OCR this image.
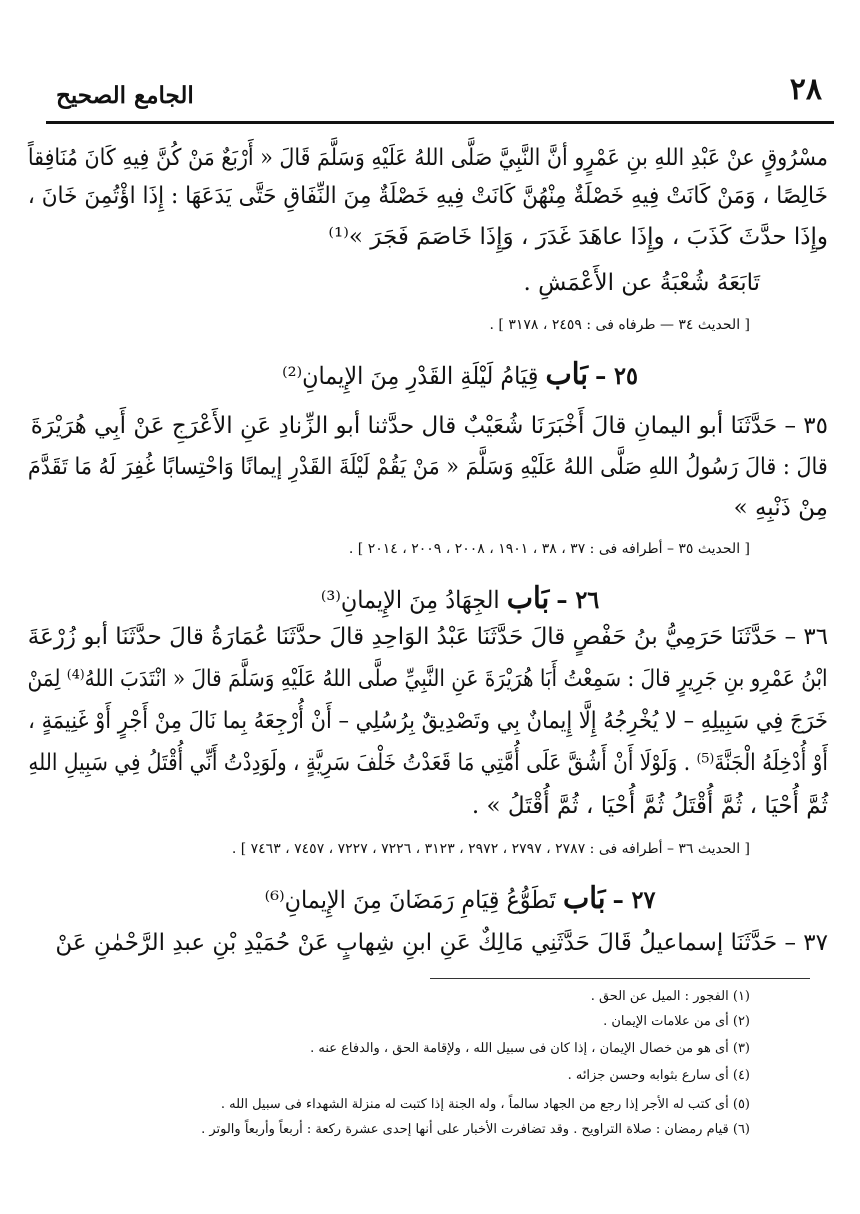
٢٨
الجامع الصحيح
مسْرُوقٍ عنْ عَبْدِ اللهِ بنِ عَمْرٍو أنَّ النَّبِيَّ صَلَّى اللهُ عَلَيْهِ وَسَلَّمَ قَالَ « أَرْبَعٌ مَنْ كُنَّ فِيهِ كَانَ مُنَافِقاً
خَالِصًا ، وَمَنْ كَانَتْ فِيهِ خَصْلَةٌ مِنْهُنَّ كَانَتْ فِيهِ خَصْلَةٌ مِنَ النِّفَاقِ حَتَّى يَدَعَهَا : إِذَا اؤْتُمِنَ خَانَ ،
وإِذَا حدَّثَ كَذَبَ ، وإِذَا عاهَدَ غَدَرَ ، وَإِذَا خَاصَمَ فَجَرَ »⁽¹⁾
تَابَعَهُ شُعْبَةُ عن الأَعْمَشِ .
[ الحديث ٣٤ — طرفاه فى : ٢٤٥٩ ، ٣١٧٨ ] .
٢٥ – بَاب قِيَامُ لَيْلَةِ القَدْرِ مِنَ الإِيمانِ⁽²⁾
٣٥ – حَدَّثَنَا أبو اليمانِ قالَ أَخْبَرَنَا شُعَيْبٌ قال حدَّثنا أبو الزِّنادِ عَنِ الأَعْرَجِ عَنْ أَبِي هُرَيْرَةَ
قالَ : قالَ رَسُولُ اللهِ صَلَّى اللهُ عَلَيْهِ وَسَلَّمَ « مَنْ يَقُمْ لَيْلَةَ القَدْرِ إيمانًا وَاحْتِسابًا غُفِرَ لَهُ مَا تَقَدَّمَ
مِنْ ذَنْبِهِ »
[ الحديث ٣٥ – أطرافه فى : ٣٧ ، ٣٨ ، ١٩٠١ ، ٢٠٠٨ ، ٢٠٠٩ ، ٢٠١٤ ] .
٢٦ – بَاب الجِهَادُ مِنَ الإِيمانِ⁽³⁾
٣٦ – حَدَّثَنَا حَرَمِيُّ بنُ حَفْصٍ قالَ حَدَّثَنَا عَبْدُ الوَاحِدِ قالَ حدَّثَنَا عُمَارَةُ قالَ حدَّثَنَا أبو زُرْعَةَ
ابْنُ عَمْرِو بنِ جَرِيرٍ قالَ : سَمِعْتُ أَبَا هُرَيْرَةَ عَنِ النَّبِيِّ صلَّى اللهُ عَلَيْهِ وَسَلَّمَ قالَ « انْتَدَبَ اللهُ⁽⁴⁾ لِمَنْ
خَرَجَ فِي سَبِيلِهِ – لا يُخْرِجُهُ إِلَّا إِيمانٌ بِي وتَصْدِيقٌ بِرُسُلِي – أَنْ أُرْجِعَهُ بِما نَالَ مِنْ أَجْرٍ أَوْ غَنِيمَةٍ ،
أَوْ أُدْخِلَهُ الْجَنَّةَ⁽⁵⁾ . وَلَوْلَا أَنْ أَشُقَّ عَلَى أُمَّتِي مَا قَعَدْتُ خَلْفَ سَرِيَّةٍ ، ولَوَدِدْتُ أَنِّي أُقْتَلُ فِي سَبِيلِ اللهِ
ثُمَّ أُحْيَا ، ثُمَّ أُقْتَلُ ثُمَّ أُحْيَا ، ثُمَّ أُقْتَلُ » .
[ الحديث ٣٦ – أطرافه فى : ٢٧٨٧ ، ٢٧٩٧ ، ٢٩٧٢ ، ٣١٢٣ ، ٧٢٢٦ ، ٧٢٢٧ ، ٧٤٥٧ ، ٧٤٦٣ ] .
٢٧ – بَاب تَطَوُّعُ قِيَامِ رَمَضَانَ مِنَ الإِيمانِ⁽⁶⁾
٣٧ – حَدَّثَنَا إسماعيلُ قَالَ حَدَّثَنِي مَالِكٌ عَنِ ابنِ شِهابٍ عَنْ حُمَيْدِ بْنِ عبدِ الرَّحْمٰنِ عَنْ
(١) الفجور : الميل عن الحق .
(٢) أى من علامات الإيمان .
(٣) أى هو من خصال الإيمان ، إذا كان فى سبيل الله ، ولإقامة الحق ، والدفاع عنه .
(٤) أى سارع بثوابه وحسن جزائه .
(٥) أى كتب له الأجر إذا رجع من الجهاد سالماً ، وله الجنة إذا كتبت له منزلة الشهداء فى سبيل الله .
(٦) قيام رمضان : صلاة التراويح . وقد تضافرت الأخبار على أنها إحدى عشرة ركعة : أربعاً وأربعاً والوتر .
